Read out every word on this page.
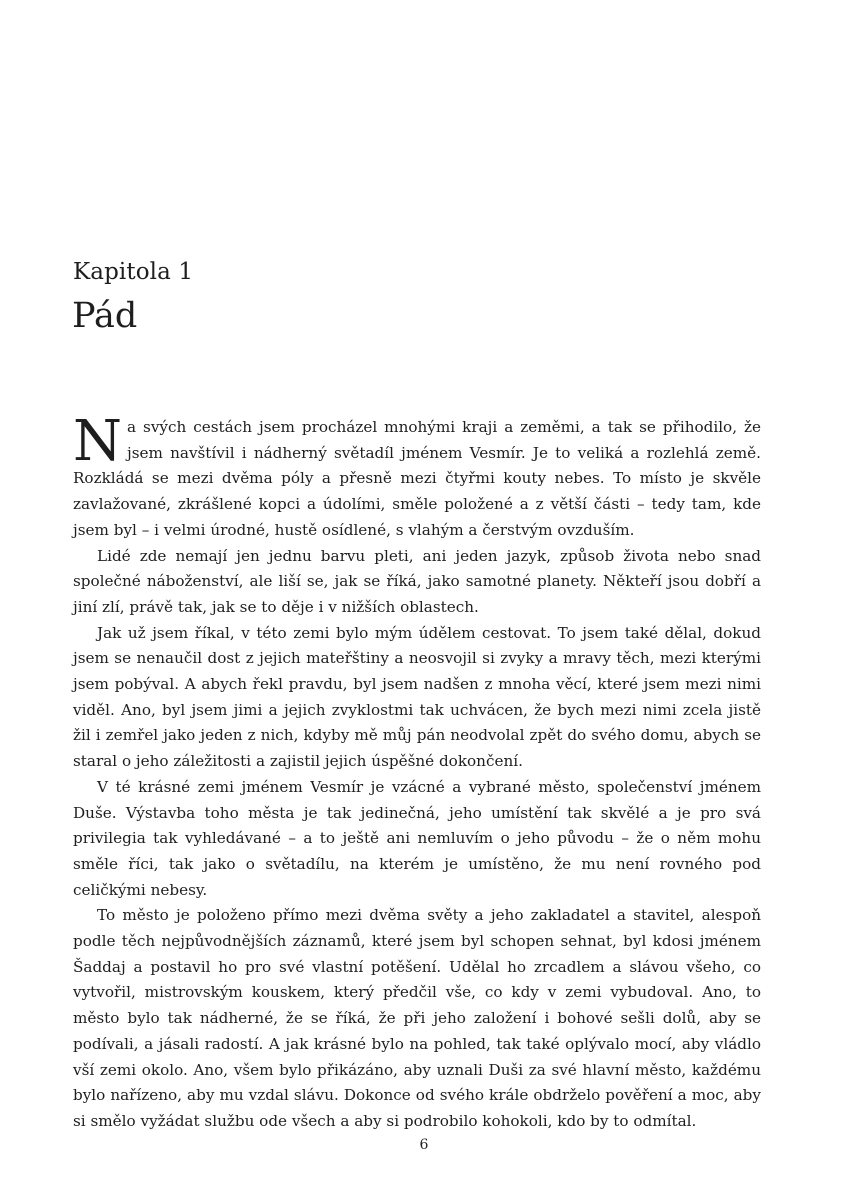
Kapitola 1
Pád

Na svých cestách jsem procházel mnohými kraji a zeměmi, a tak se přihodilo, že jsem navštívil i nádherný světadíl jménem Vesmír. Je to veliká a rozlehlá země. Rozkládá se mezi dvěma póly a přesně mezi čtyřmi kouty nebes. To místo je skvěle zavlažované, zkrášlené kopci a údolími, směle položené a z větší části – tedy tam, kde jsem byl – i velmi úrodné, hustě osídlené, s vlahým a čerstvým ovzduším.

Lidé zde nemají jen jednu barvu pleti, ani jeden jazyk, způsob života nebo snad společné náboženství, ale liší se, jak se říká, jako samotné planety. Někteří jsou dobří a jiní zlí, právě tak, jak se to děje i v nižších oblastech.

Jak už jsem říkal, v této zemi bylo mým údělem cestovat. To jsem také dělal, dokud jsem se nenaučil dost z jejich mateřštiny a neosvojil si zvyky a mravy těch, mezi kterými jsem pobýval. A abych řekl pravdu, byl jsem nadšen z mnoha věcí, které jsem mezi nimi viděl. Ano, byl jsem jimi a jejich zvyklostmi tak uchvácen, že bych mezi nimi zcela jistě žil i zemřel jako jeden z nich, kdyby mě můj pán neodvolal zpět do svého domu, abych se staral o jeho záležitosti a zajistil jejich úspěšné dokončení.

V té krásné zemi jménem Vesmír je vzácné a vybrané město, společenství jménem Duše. Výstavba toho města je tak jedinečná, jeho umístění tak skvělé a je pro svá privilegia tak vyhledávané – a to ještě ani nemluvím o jeho původu – že o něm mohu směle říci, tak jako o světadílu, na kterém je umístěno, že mu není rovného pod celičkými nebesy.

To město je položeno přímo mezi dvěma světy a jeho zakladatel a stavitel, alespoň podle těch nejpůvodnějších záznamů, které jsem byl schopen sehnat, byl kdosi jménem Šaddaj a postavil ho pro své vlastní potěšení. Udělal ho zrcadlem a slávou všeho, co vytvořil, mistrovským kouskem, který předčil vše, co kdy v zemi vybudoval. Ano, to město bylo tak nádherné, že se říká, že při jeho založení i bohové sešli dolů, aby se podívali, a jásali radostí. A jak krásné bylo na pohled, tak také oplývalo mocí, aby vládlo vší zemi okolo. Ano, všem bylo přikázáno, aby uznali Duši za své hlavní město, každému bylo nařízeno, aby mu vzdal slávu. Dokonce od svého krále obdrželo pověření a moc, aby si smělo vyžádat službu ode všech a aby si podrobilo kohokoli, kdo by to odmítal.

6
